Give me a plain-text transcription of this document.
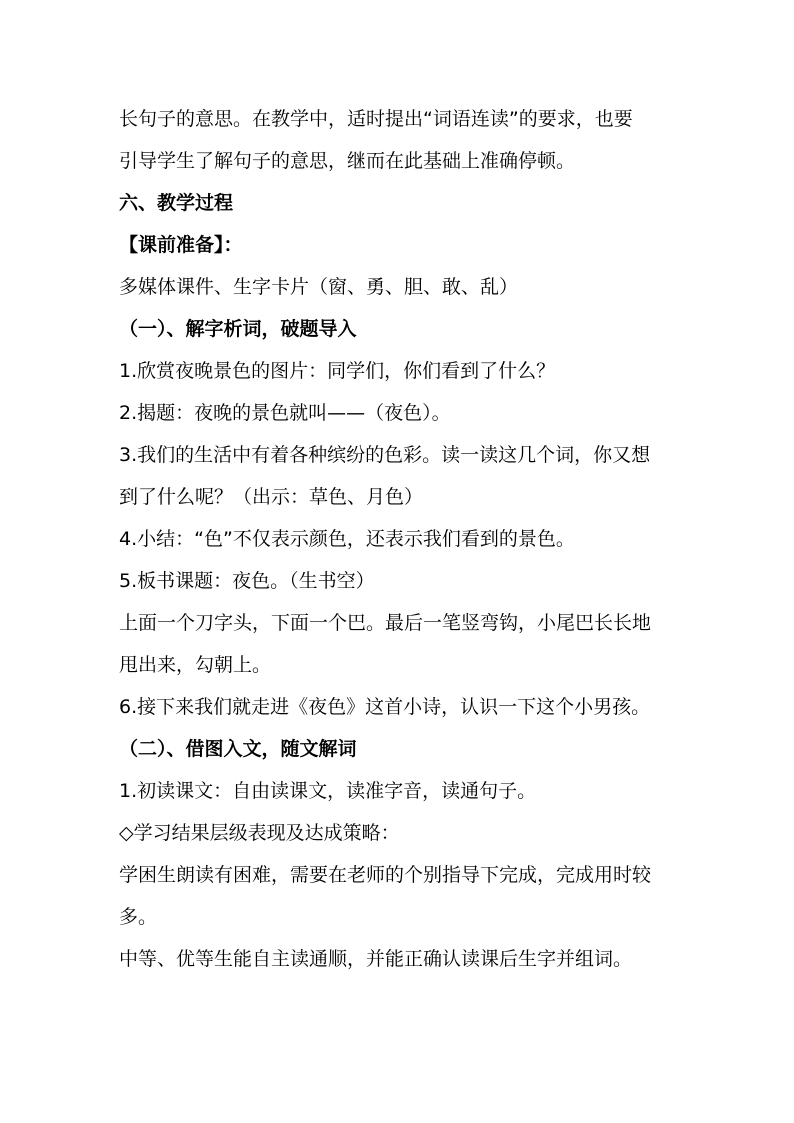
长句子的意思。在教学中，适时提出“词语连读”的要求，也要
引导学生了解句子的意思，继而在此基础上准确停顿。
六、教学过程
【课前准备】：
多媒体课件、生字卡片（窗、勇、胆、敢、乱）
（一）、解字析词，破题导入
1.欣赏夜晚景色的图片：同学们，你们看到了什么？
2.揭题：夜晚的景色就叫——（夜色）。
3.我们的生活中有着各种缤纷的色彩。读一读这几个词，你又想
到了什么呢？（出示：草色、月色）
4.小结：“色”不仅表示颜色，还表示我们看到的景色。
5.板书课题：夜色。（生书空）
上面一个刀字头，下面一个巴。最后一笔竖弯钩，小尾巴长长地
甩出来，勾朝上。
6.接下来我们就走进《夜色》这首小诗，认识一下这个小男孩。
（二）、借图入文，随文解词
1.初读课文：自由读课文，读准字音，读通句子。
◇学习结果层级表现及达成策略：
学困生朗读有困难，需要在老师的个别指导下完成，完成用时较
多。
中等、优等生能自主读通顺，并能正确认读课后生字并组词。
